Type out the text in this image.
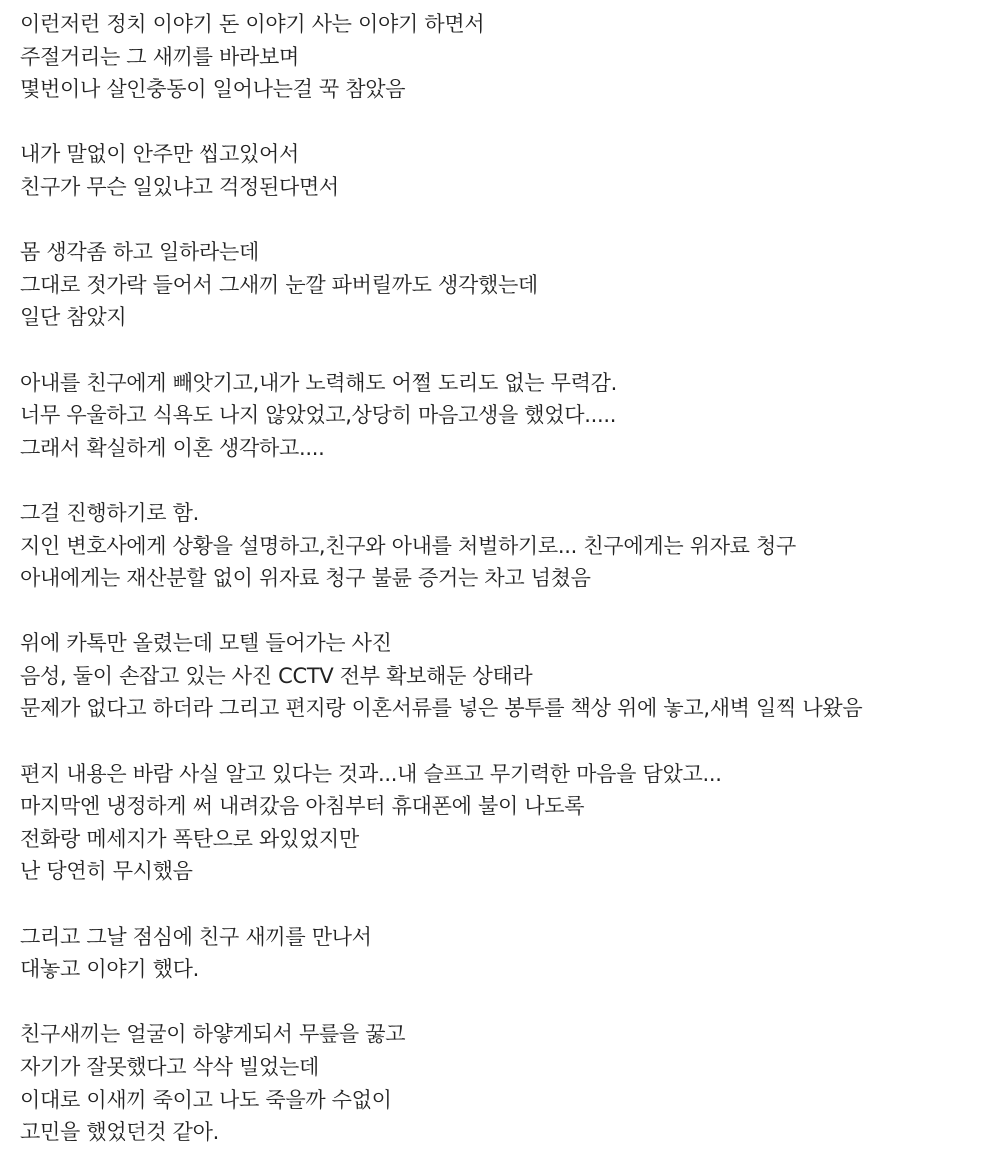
이런저런 정치 이야기 돈 이야기 사는 이야기 하면서
주절거리는 그 새끼를 바라보며
몇번이나 살인충동이 일어나는걸 꾹 참았음
내가 말없이 안주만 씹고있어서
친구가 무슨 일있냐고 걱정된다면서
몸 생각좀 하고 일하라는데
그대로 젓가락 들어서 그새끼 눈깔 파버릴까도 생각했는데
일단 참았지
아내를 친구에게 빼앗기고,내가 노력해도 어쩔 도리도 없는 무력감.
너무 우울하고 식욕도 나지 않았었고,상당히 마음고생을 했었다.....
그래서 확실하게 이혼 생각하고....
그걸 진행하기로 함.
지인 변호사에게 상황을 설명하고,친구와 아내를 처벌하기로... 친구에게는 위자료 청구
아내에게는 재산분할 없이 위자료 청구 불륜 증거는 차고 넘쳤음
위에 카톡만 올렸는데 모텔 들어가는 사진
음성, 둘이 손잡고 있는 사진 CCTV 전부 확보해둔 상태라
문제가 없다고 하더라 그리고 편지랑 이혼서류를 넣은 봉투를 책상 위에 놓고,새벽 일찍 나왔음
편지 내용은 바람 사실 알고 있다는 것과...내 슬프고 무기력한 마음을 담았고...
마지막엔 냉정하게 써 내려갔음 아침부터 휴대폰에 불이 나도록
전화랑 메세지가 폭탄으로 와있었지만
난 당연히 무시했음
그리고 그날 점심에 친구 새끼를 만나서
대놓고 이야기 했다.
친구새끼는 얼굴이 하얗게되서 무릎을 꿇고
자기가 잘못했다고 삭삭 빌었는데
이대로 이새끼 죽이고 나도 죽을까 수없이
고민을 했었던것 같아.
